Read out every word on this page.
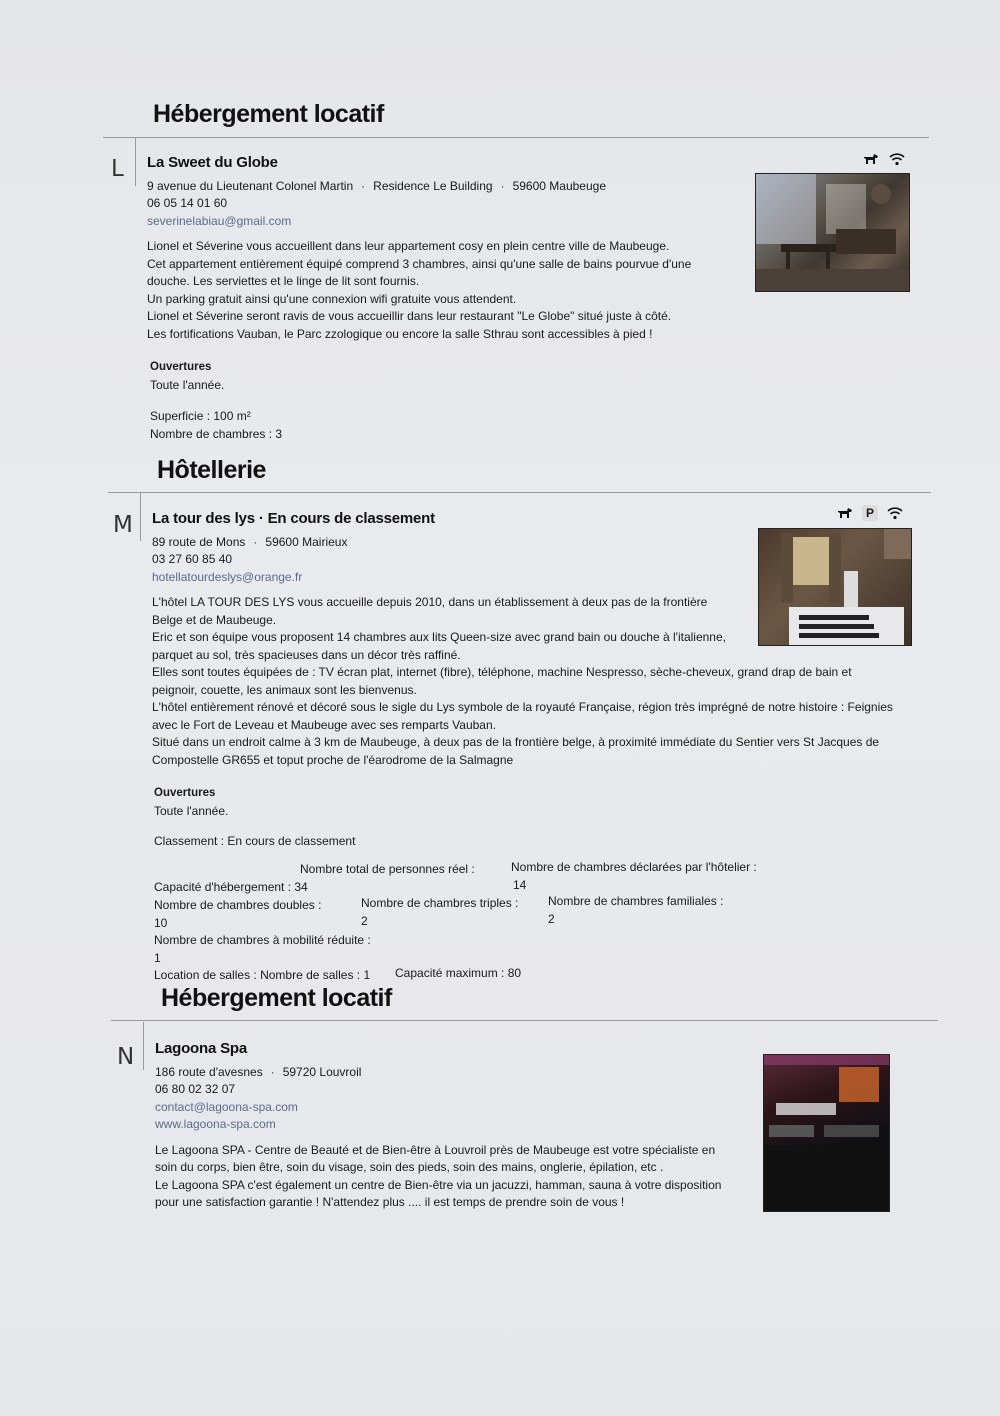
Hébergement locatif
L La Sweet du Globe
9 avenue du Lieutenant Colonel Martin · Residence Le Building · 59600 Maubeuge
06 05 14 01 60
severinelabiau@gmail.com

Lionel et Séverine vous accueillent dans leur appartement cosy en plein centre ville de Maubeuge.

Cet appartement entièrement équipé comprend 3 chambres, ainsi qu'une salle de bains pourvue d'une

douche. Les serviettes et le linge de lit sont fournis.

Un parking gratuit ainsi qu'une connexion wifi gratuite vous attendent.

Lionel et Séverine seront ravis de vous accueillir dans leur restaurant "Le Globe" situé juste à côté.

Les fortifications Vauban, le Parc zzologique ou encore la salle Sthrau sont accessibles à pied !

Ouvertures
Toute l'année.
Superficie : 100 m²
Nombre de chambres : 3
Hôtellerie
M	P
La tour des lys · En cours de classement
89 route de Mons · 59600 Mairieux
03 27 60 85 40
hotellatourdeslys@orange.fr

L'hôtel LA TOUR DES LYS vous accueille depuis 2010, dans un établissement à deux pas de la frontière

Belge et de Maubeuge.

Eric et son équipe vous proposent 14 chambres aux lits Queen-size avec grand bain ou douche à l'italienne,

parquet au sol, très spacieuses dans un décor très raffiné.

Elles sont toutes équipées de : TV écran plat, internet (fibre), téléphone, machine Nespresso, sèche-cheveux, grand drap de bain et

peignoir, couette, les animaux sont les bienvenus.

L'hôtel entièrement rénové et décoré sous le sigle du Lys symbole de la royauté Française, région très imprégné de notre histoire : Feignies

avec le Fort de Leveau et Maubeuge avec ses remparts Vauban.

Situé dans un endroit calme à 3 km de Maubeuge, à deux pas de la frontière belge, à proximité immédiate du Sentier vers St Jacques de

Compostelle GR655 et toput proche de l'éarodrome de la Salmagne

Ouvertures
Toute l'année.
Classement : En cours de classement
Nombre total de personnes réel :	Nombre de chambres déclarées par l'hôtelier :
14
Capacité d'hébergement : 34
Nombre de chambres doubles :
10
Nombre de chambres triples :
2
Nombre de chambres familiales :
2
Nombre de chambres à mobilité réduite :
1
Location de salles : Nombre de salles : 1 Capacité maximum : 80
Hébergement locatif
N Lagoona Spa
186 route d'avesnes · 59720 Louvroil
06 80 02 32 07
contact@lagoona-spa.com
www.lagoona-spa.com

Le Lagoona SPA - Centre de Beauté et de Bien-être à Louvroil près de Maubeuge est votre spécialiste en

soin du corps, bien être, soin du visage, soin des pieds, soin des mains, onglerie, épilation, etc .

Le Lagoona SPA c'est également un centre de Bien-être via un jacuzzi, hamman, sauna à votre disposition

pour une satisfaction garantie ! N'attendez plus .... il est temps de prendre soin de vous !
